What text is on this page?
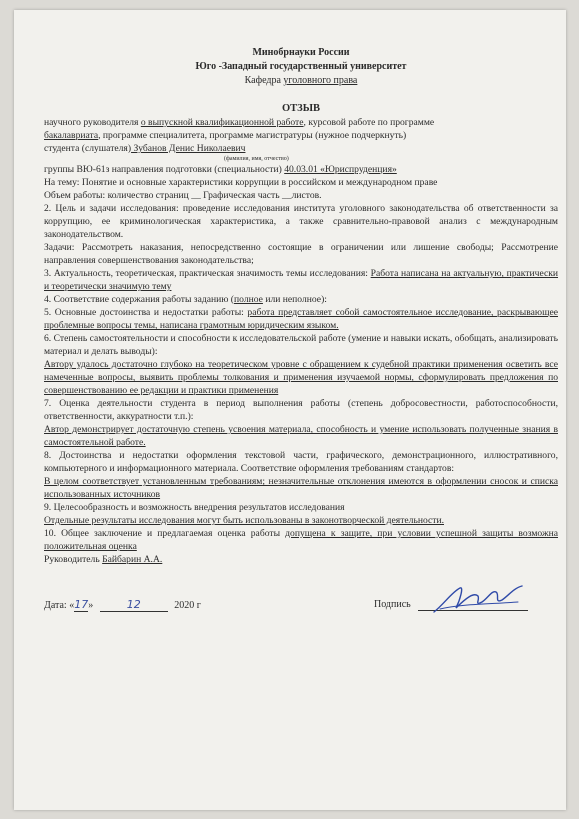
Минобрнауки России
Юго -Западный государственный университет
Кафедра уголовного права
ОТЗЫВ
научного руководителя о выпускной квалификационной работе, курсовой работе по программе
бакалавриата, программе специалитета, программе магистратуры (нужное подчеркнуть)
студента (слушателя) Зубанов Денис Николаевич
(фамилия, имя, отчество)
группы ВЮ-61з направления подготовки (специальности) 40.03.01 «Юриспруденция»
На тему: Понятие и основные характеристики коррупции в российском и международном праве
Объем работы: количество страниц __ Графическая часть __листов.
2. Цель и задачи исследования: проведение исследования института уголовного законодательства об ответственности за коррупцию, ее криминологическая характеристика, а также сравнительно-правовой анализ с международным законодательством.
Задачи: Рассмотреть наказания, непосредственно состоящие в ограничении или лишение свободы; Рассмотрение направления совершенствования законодательства;
3. Актуальность, теоретическая, практическая значимость темы исследования: Работа написана на актуальную, практически и теоретически значимую тему
4. Соответствие содержания работы заданию (полное или неполное):
5. Основные достоинства и недостатки работы: работа представляет собой самостоятельное исследование, раскрывающее проблемные вопросы темы, написана грамотным юридическим языком.
6. Степень самостоятельности и способности к исследовательской работе (умение и навыки искать, обобщать, анализировать материал и делать выводы):
Автору удалось достаточно глубоко на теоретическом уровне с обращением к судебной практики применения осветить все намеченные вопросы, выявить проблемы толкования и применения изучаемой нормы, сформулировать предложения по совершенствованию ее редакции и практики применения
7. Оценка деятельности студента в период выполнения работы (степень добросовестности, работоспособности, ответственности, аккуратности т.п.):
Автор демонстрирует достаточную степень усвоения материала, способность и умение использовать полученные знания в самостоятельной работе.
8. Достоинства и недостатки оформления текстовой части, графического, демонстрационного, иллюстративного, компьютерного и информационного материала. Соответствие оформления требованиям стандартов:
В целом соответствует установленным требованиям; незначительные отклонения имеются в оформлении сносок и списка использованных источников
9. Целесообразность и возможность внедрения результатов исследования
Отдельные результаты исследования могут быть использованы в законотворческой деятельности.
10. Общее заключение и предлагаемая оценка работы допущена к защите, при условии успешной защиты возможна положительная оценка
Руководитель Байбарин А.А.
Дата: «17»	12	2020 г	Подпись
